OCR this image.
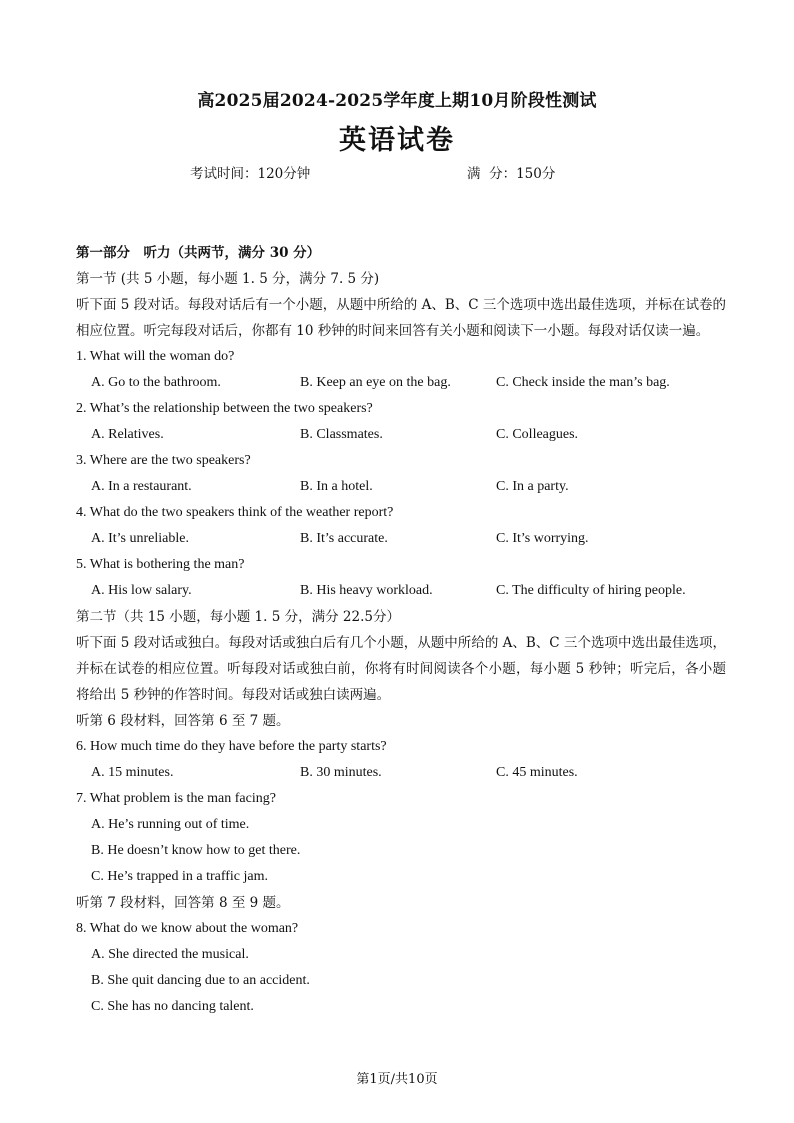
高2025届2024-2025学年度上期10月阶段性测试
英语试卷
考试时间：120分钟	满  分：150分
第一部分　听力（共两节，满分 30 分）
第一节 (共 5 小题，每小题 1. 5 分，满分 7. 5 分)
听下面 5 段对话。每段对话后有一个小题，从题中所给的 A、B、C 三个选项中选出最佳选项，并标在试卷的相应位置。听完每段对话后，你都有 10 秒钟的时间来回答有关小题和阅读下一小题。每段对话仅读一遍。
1. What will the woman do?
A. Go to the bathroom.	B. Keep an eye on the bag.	C. Check inside the man’s bag.
2. What’s the relationship between the two speakers?
A. Relatives.	B. Classmates.	C. Colleagues.
3. Where are the two speakers?
A. In a restaurant.	B. In a hotel.	C. In a party.
4. What do the two speakers think of the weather report?
A. It’s unreliable.	B. It’s accurate.	C. It’s worrying.
5. What is bothering the man?
A. His low salary.	B. His heavy workload.	C. The difficulty of hiring people.
第二节（共 15 小题，每小题 1. 5 分，满分 22.5分）
听下面 5 段对话或独白。每段对话或独白后有几个小题，从题中所给的 A、B、C 三个选项中选出最佳选项，并标在试卷的相应位置。听每段对话或独白前，你将有时间阅读各个小题，每小题 5 秒钟；听完后，各小题将给出 5 秒钟的作答时间。每段对话或独白读两遍。
听第 6 段材料，回答第 6 至 7 题。
6. How much time do they have before the party starts?
A. 15 minutes.	B. 30 minutes.	C. 45 minutes.
7. What problem is the man facing?
A. He’s running out of time.
B. He doesn’t know how to get there.
C. He’s trapped in a traffic jam.
听第 7 段材料，回答第 8 至 9 题。
8. What do we know about the woman?
A. She directed the musical.
B. She quit dancing due to an accident.
C. She has no dancing talent.
第1页/共10页
